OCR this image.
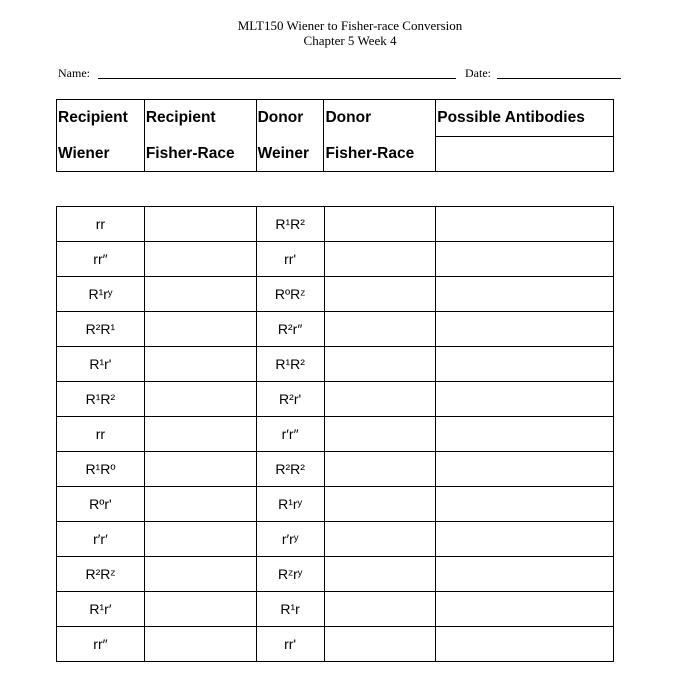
MLT150 Wiener to Fisher-race Conversion
Chapter 5 Week 4
Name:	Date:
Recipient	Recipient	Donor	Donor	Possible Antibodies
Wiener	Fisher-Race	Weiner	Fisher-Race	
rr		R¹R²		
rr″		rr'		
R¹rʸ		RºRᶻ		
R²R¹		R²r″		
R¹r'		R¹R²		
R¹R²		R²r'		
rr		r′r″		
R¹Rº		R²R²		
Rºr'		R¹rʸ		
r′r′		r′rʸ		
R²Rᶻ		Rᶻrʸ		
R¹r′		R¹r		
rr″		rr'		
